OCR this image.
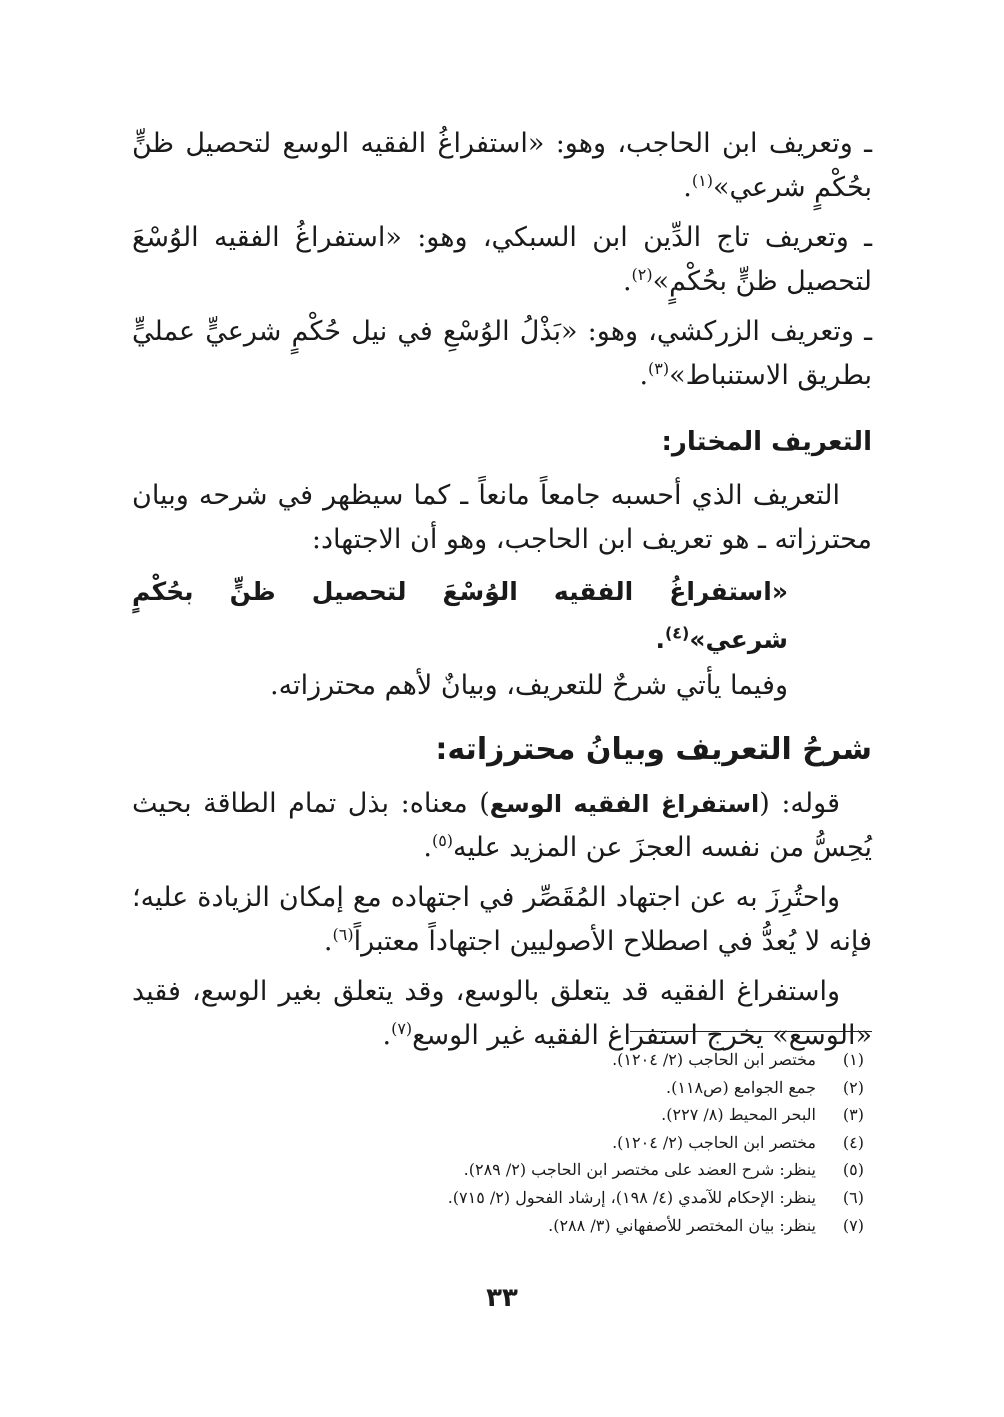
ـ وتعريف ابن الحاجب، وهو: «استفراغُ الفقيه الوسع لتحصيل ظنٍّ بحُكْمٍ شرعي»$^{(١)}$.

ـ وتعريف تاج الدِّين ابن السبكي، وهو: «استفراغُ الفقيه الوُسْعَ لتحصيل ظنٍّ بحُكْمٍ»$^{(٢)}$.

ـ وتعريف الزركشي، وهو: «بَذْلُ الوُسْعِ في نيل حُكْمٍ شرعيٍّ عمليٍّ بطريق الاستنباط»$^{(٣)}$.

التعريف المختار:

التعريف الذي أحسبه جامعاً مانعاً ـ كما سيظهر في شرحه وبيان محترزاته ـ هو تعريف ابن الحاجب، وهو أن الاجتهاد:

«استفراغُ الفقيه الوُسْعَ لتحصيل ظنٍّ بحُكْمٍ شرعي»$^{(٤)}$.

وفيما يأتي شرحٌ للتعريف، وبيانٌ لأهم محترزاته.

شرحُ التعريف وبيانُ محترزاته:

قوله: (استفراغ الفقيه الوسع) معناه: بذل تمام الطاقة بحيث يُحِسُّ من نفسه العجزَ عن المزيد عليه$^{(٥)}$.

واحتُرِزَ به عن اجتهاد المُقَصِّر في اجتهاده مع إمكان الزيادة عليه؛ فإنه لا يُعدُّ في اصطلاح الأصوليين اجتهاداً معتبراً$^{(٦)}$.

واستفراغ الفقيه قد يتعلق بالوسع، وقد يتعلق بغير الوسع، فقيد «الوسع» يخرج استفراغ الفقيه غير الوسع$^{(٧)}$.

(١)
مختصر ابن الحاجب (٢/ ١٢٠٤).
(٢)
جمع الجوامع (ص١١٨).
(٣)
البحر المحيط (٨/ ٢٢٧).
(٤)
مختصر ابن الحاجب (٢/ ١٢٠٤).
(٥)
ينظر: شرح العضد على مختصر ابن الحاجب (٢/ ٢٨٩).
(٦)
ينظر: الإحكام للآمدي (٤/ ١٩٨)، إرشاد الفحول (٢/ ٧١٥).
(٧)
ينظر: بيان المختصر للأصفهاني (٣/ ٢٨٨).
٣٣
